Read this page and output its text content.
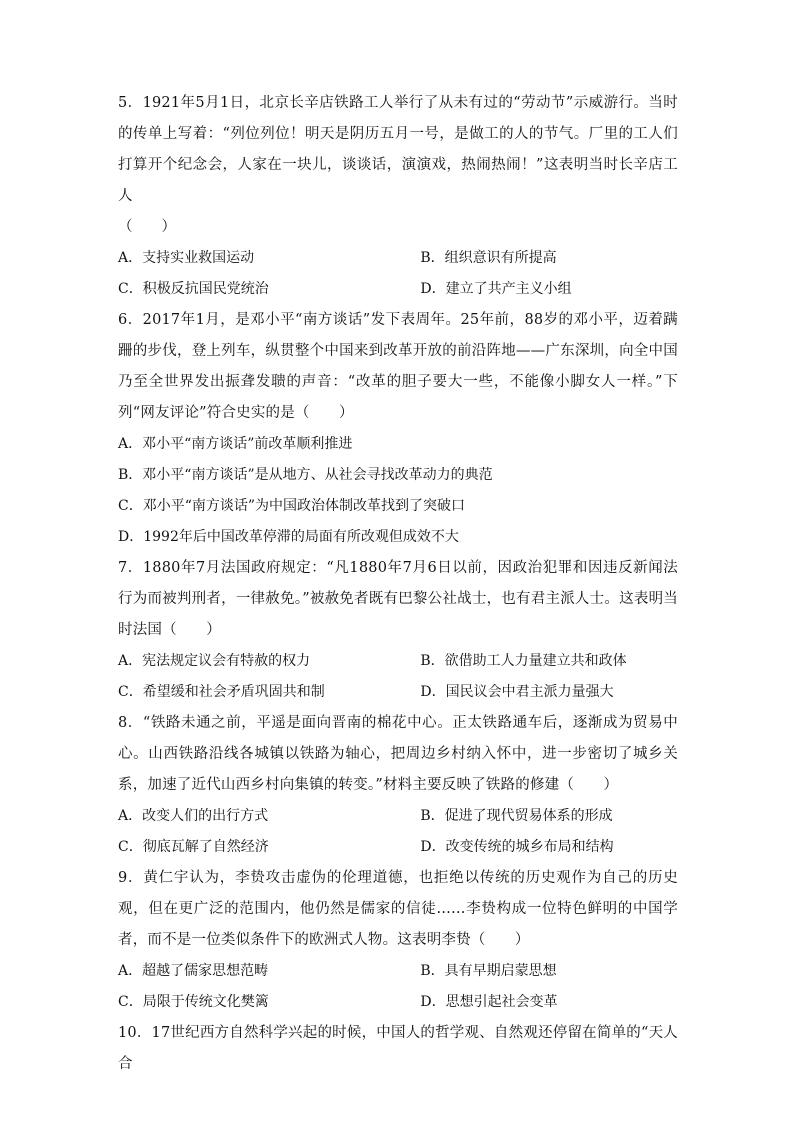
5．1921年5月1日，北京长辛店铁路工人举行了从未有过的“劳动节”示威游行。当时的传单上写着：“列位列位！明天是阴历五月一号，是做工的人的节气。厂里的工人们打算开个纪念会，人家在一块儿，谈谈话，演演戏，热闹热闹！”这表明当时长辛店工人

（　　）
A．支持实业救国运动	B．组织意识有所提高
C．积极反抗国民党统治	D．建立了共产主义小组

6．2017年1月，是邓小平“南方谈话”发下表周年。25年前，88岁的邓小平，迈着蹒跚的步伐，登上列车，纵贯整个中国来到改革开放的前沿阵地——广东深圳，向全中国乃至全世界发出振聋发聩的声音：“改革的胆子要大一些，不能像小脚女人一样。”下列“网友评论”符合史实的是（　　）

A．邓小平“南方谈话”前改革顺利推进
B．邓小平“南方谈话”是从地方、从社会寻找改革动力的典范
C．邓小平“南方谈话”为中国政治体制改革找到了突破口
D．1992年后中国改革停滞的局面有所改观但成效不大

7．1880年7月法国政府规定：“凡1880年7月6日以前，因政治犯罪和因违反新闻法行为而被判刑者，一律赦免。”被赦免者既有巴黎公社战士，也有君主派人士。这表明当时法国（　　）

A．宪法规定议会有特赦的权力	B．欲借助工人力量建立共和政体
C．希望缓和社会矛盾巩固共和制	D．国民议会中君主派力量强大

8．“铁路未通之前，平遥是面向晋南的棉花中心。正太铁路通车后，逐渐成为贸易中心。山西铁路沿线各城镇以铁路为轴心，把周边乡村纳入怀中，进一步密切了城乡关系，加速了近代山西乡村向集镇的转变。”材料主要反映了铁路的修建（　　）

A．改变人们的出行方式	B．促进了现代贸易体系的形成
C．彻底瓦解了自然经济	D．改变传统的城乡布局和结构

9．黄仁宇认为，李贽攻击虚伪的伦理道德，也拒绝以传统的历史观作为自己的历史观，但在更广泛的范围内，他仍然是儒家的信徒……李贽构成一位特色鲜明的中国学者，而不是一位类似条件下的欧洲式人物。这表明李贽（　　）

A．超越了儒家思想范畴	B．具有早期启蒙思想
C．局限于传统文化樊篱	D．思想引起社会变革

10．17世纪西方自然科学兴起的时候，中国人的哲学观、自然观还停留在简单的“天人合
